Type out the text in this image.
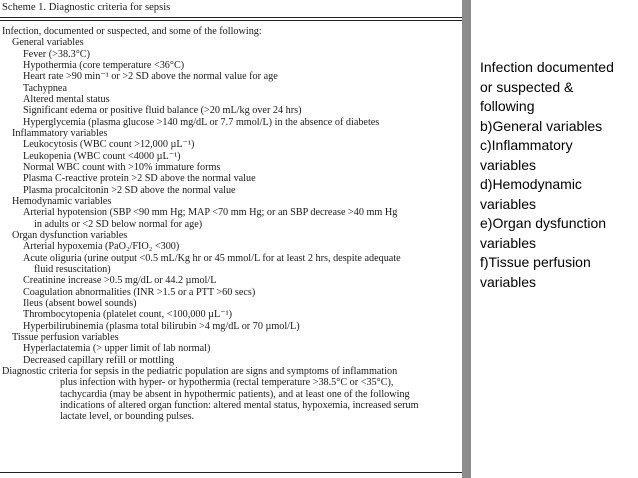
Scheme 1. Diagnostic criteria for sepsis
Infection, documented or suspected, and some of the following:
General variables
Fever (>38.3°C)
Hypothermia (core temperature <36°C)
Heart rate >90 min⁻¹ or >2 SD above the normal value for age
Tachypnea
Altered mental status
Significant edema or positive fluid balance (>20 mL/kg over 24 hrs)
Hyperglycemia (plasma glucose >140 mg/dL or 7.7 mmol/L) in the absence of diabetes
Inflammatory variables
Leukocytosis (WBC count >12,000 µL⁻¹)
Leukopenia (WBC count <4000 µL⁻¹)
Normal WBC count with >10% immature forms
Plasma C-reactive protein >2 SD above the normal value
Plasma procalcitonin >2 SD above the normal value
Hemodynamic variables
Arterial hypotension (SBP <90 mm Hg; MAP <70 mm Hg; or an SBP decrease >40 mm Hg
in adults or <2 SD below normal for age)
Organ dysfunction variables
Arterial hypoxemia (PaO₂/FIO₂ <300)
Acute oliguria (urine output <0.5 mL/Kg hr or 45 mmol/L for at least 2 hrs, despite adequate
fluid resuscitation)
Creatinine increase >0.5 mg/dL or 44.2 µmol/L
Coagulation abnormalities (INR >1.5 or a PTT >60 secs)
Ileus (absent bowel sounds)
Thrombocytopenia (platelet count, <100,000 µL⁻¹)
Hyperbilirubinemia (plasma total bilirubin >4 mg/dL or 70 µmol/L)
Tissue perfusion variables
Hyperlactatemia (> upper limit of lab normal)
Decreased capillary refill or mottling
Diagnostic criteria for sepsis in the pediatric population are signs and symptoms of inflammation
plus infection with hyper- or hypothermia (rectal temperature >38.5°C or <35°C),
tachycardia (may be absent in hypothermic patients), and at least one of the following
indications of altered organ function: altered mental status, hypoxemia, increased serum
lactate level, or bounding pulses.
Infection documented
or suspected &
following
b)General variables
c)Inflammatory
variables
d)Hemodynamic
variables
e)Organ dysfunction
variables
f)Tissue perfusion
variables
